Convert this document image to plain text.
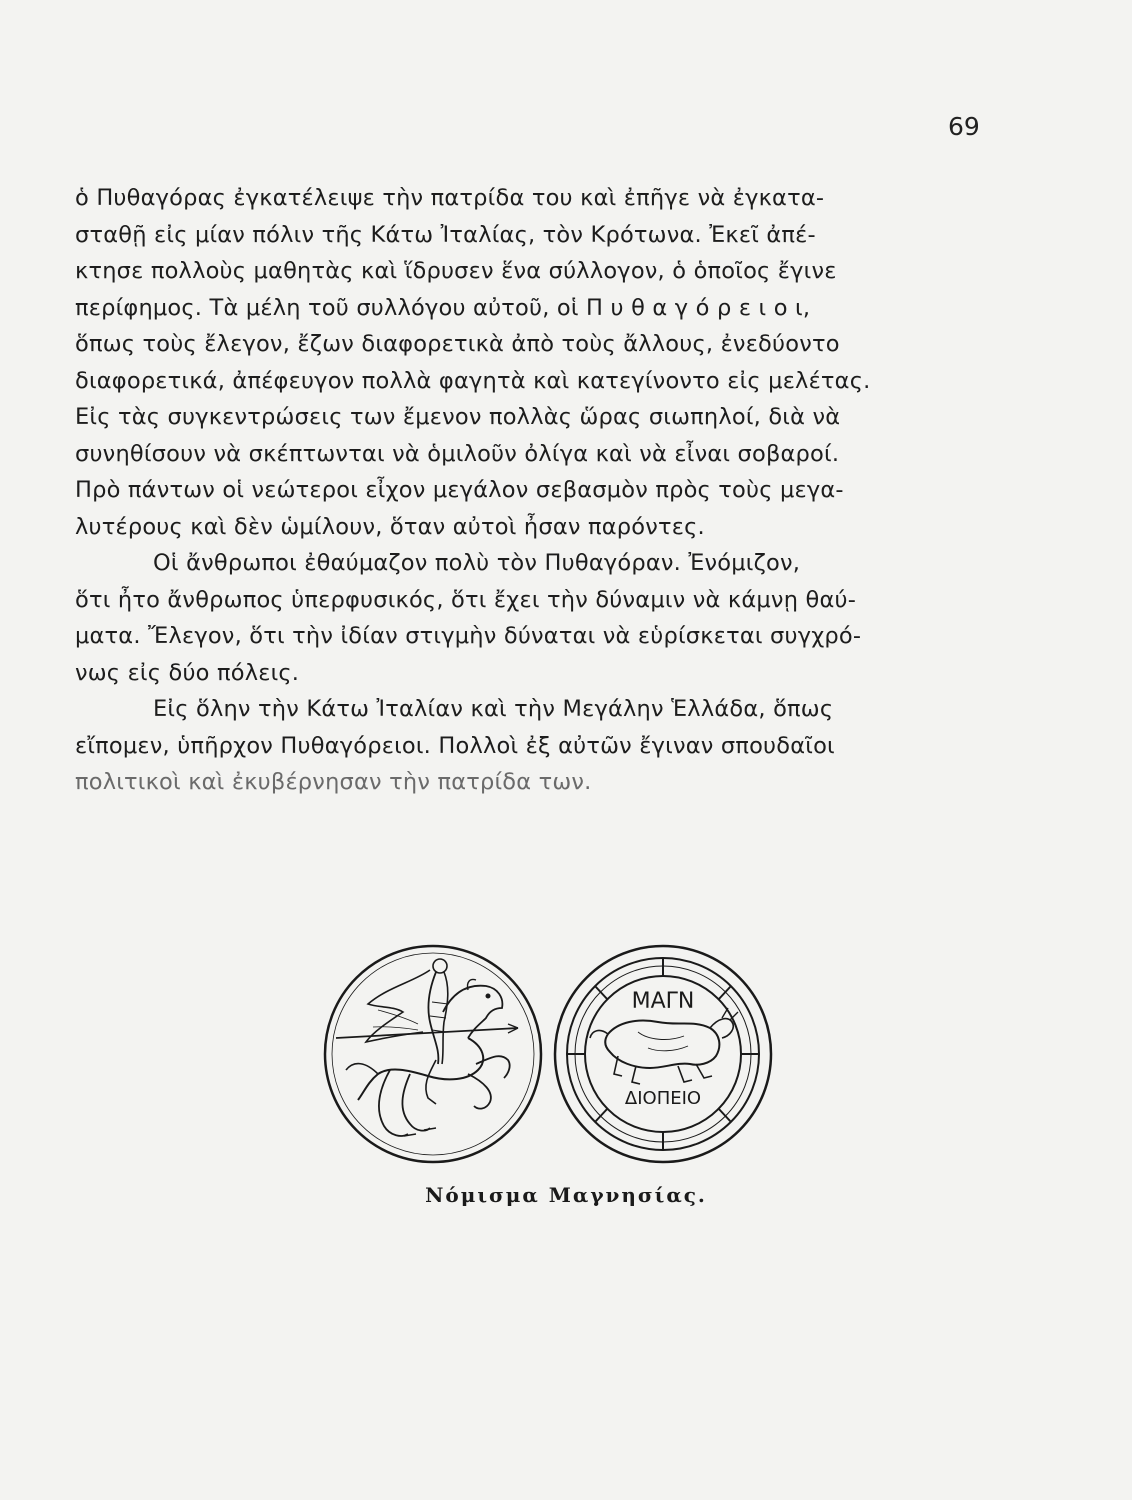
69
ὁ Πυθαγόρας ἐγκατέλειψε τὴν πατρίδα του καὶ ἐπῆγε νὰ ἐγκατα-
σταθῇ εἰς μίαν πόλιν τῆς Κάτω Ἰταλίας, τὸν Κρότωνα. Ἐκεῖ ἀπέ-
κτησε πολλοὺς μαθητὰς καὶ ἵδρυσεν ἕνα σύλλογον, ὁ ὁποῖος ἔγινε
περίφημος. Τὰ μέλη τοῦ συλλόγου αὐτοῦ, οἱ Π υ θ α γ ό ρ ε ι ο ι,
ὅπως τοὺς ἔλεγον, ἔζων διαφορετικὰ ἀπὸ τοὺς ἄλλους, ἐνεδύοντο
διαφορετικά, ἀπέφευγον πολλὰ φαγητὰ καὶ κατεγίνοντο εἰς μελέτας.
Εἰς τὰς συγκεντρώσεις των ἔμενον πολλὰς ὥρας σιωπηλοί, διὰ νὰ
συνηθίσουν νὰ σκέπτωνται νὰ ὁμιλοῦν ὀλίγα καὶ νὰ εἶναι σοβαροί.
Πρὸ πάντων οἱ νεώτεροι εἶχον μεγάλον σεβασμὸν πρὸς τοὺς μεγα-
λυτέρους καὶ δὲν ὡμίλουν, ὅταν αὐτοὶ ἦσαν παρόντες.
Οἱ ἄνθρωποι ἐθαύμαζον πολὺ τὸν Πυθαγόραν. Ἐνόμιζον,
ὅτι ἦτο ἄνθρωπος ὑπερφυσικός, ὅτι ἔχει τὴν δύναμιν νὰ κάμνῃ θαύ-
ματα. Ἔλεγον, ὅτι τὴν ἰδίαν στιγμὴν δύναται νὰ εὑρίσκεται συγχρό-
νως εἰς δύο πόλεις.
Εἰς ὅλην τὴν Κάτω Ἰταλίαν καὶ τὴν Μεγάλην Ἑλλάδα, ὅπως
εἴπομεν, ὑπῆρχον Πυθαγόρειοι. Πολλοὶ ἐξ αὐτῶν ἔγιναν σπουδαῖοι
πολιτικοὶ καὶ ἐκυβέρνησαν τὴν πατρίδα των.
ΜΑΓΝ
ΔΙΟΠΕΙΟ
Νόμισμα Μαγνησίας.
